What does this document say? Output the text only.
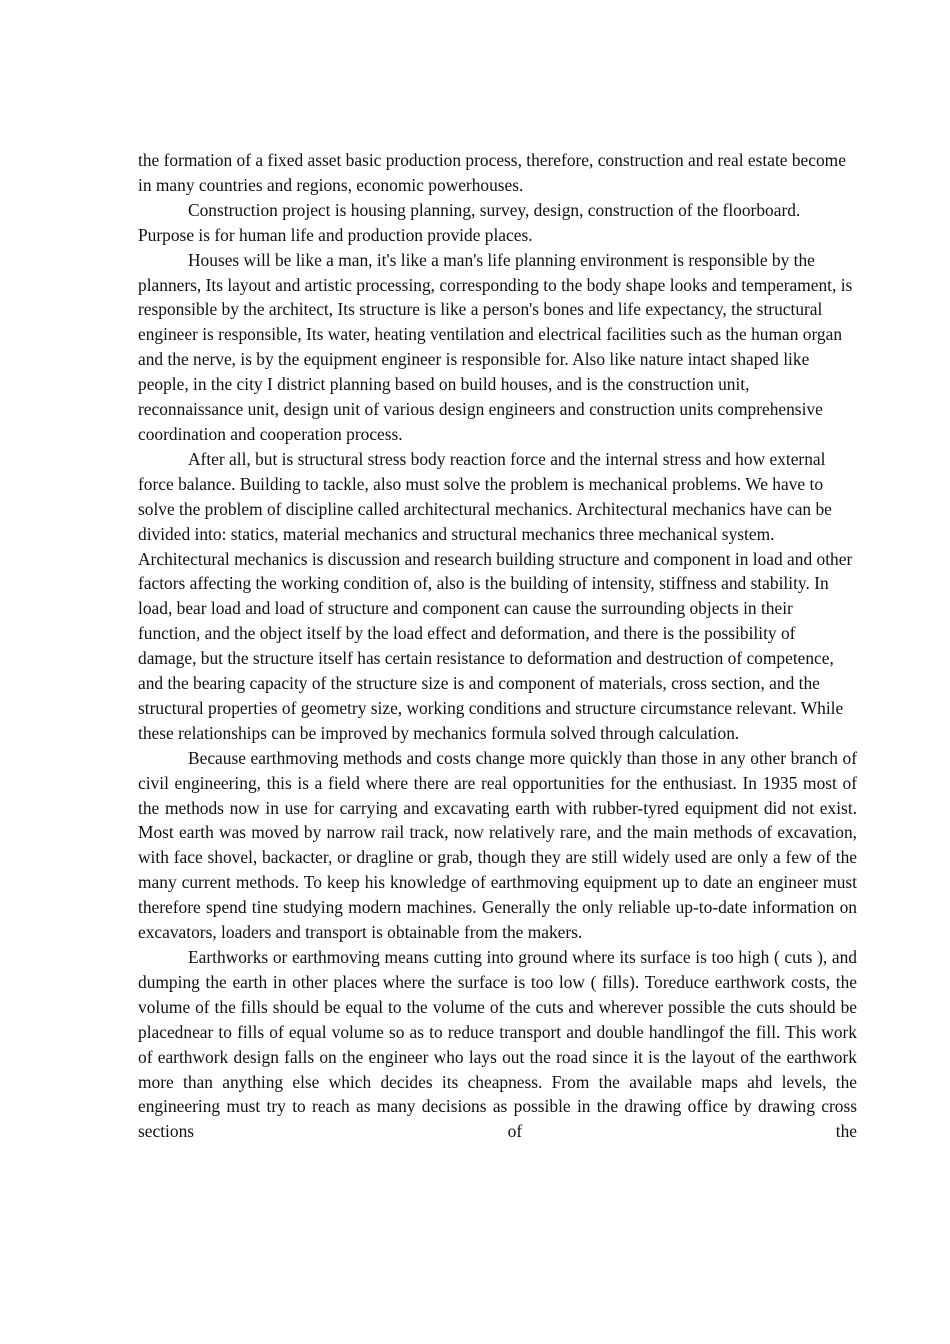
the formation of a fixed asset basic production process, therefore, construction and real estate become in many countries and regions, economic powerhouses.

Construction project is housing planning, survey, design, construction of the floorboard. Purpose is for human life and production provide places.

Houses will be like a man, it's like a man's life planning environment is responsible by the planners, Its layout and artistic processing, corresponding to the body shape looks and temperament, is responsible by the architect, Its structure is like a person's bones and life expectancy, the structural engineer is responsible, Its water, heating ventilation and electrical facilities such as the human organ and the nerve, is by the equipment engineer is responsible for. Also like nature intact shaped like people, in the city I district planning based on build houses, and is the construction unit, reconnaissance unit, design unit of various design engineers and construction units comprehensive coordination and cooperation process.

After all, but is structural stress body reaction force and the internal stress and how external force balance. Building to tackle, also must solve the problem is mechanical problems. We have to solve the problem of discipline called architectural mechanics. Architectural mechanics have can be divided into: statics, material mechanics and structural mechanics three mechanical system. Architectural mechanics is discussion and research building structure and component in load and other factors affecting the working condition of, also is the building of intensity, stiffness and stability. In load, bear load and load of structure and component can cause the surrounding objects in their function, and the object itself by the load effect and deformation, and there is the possibility of damage, but the structure itself has certain resistance to deformation and destruction of competence, and the bearing capacity of the structure size is and component of materials, cross section, and the structural properties of geometry size, working conditions and structure circumstance relevant. While these relationships can be improved by mechanics formula solved through calculation.

Because earthmoving methods and costs change more quickly than those in any other branch of civil engineering, this is a field where there are real opportunities for the enthusiast. In 1935 most of the methods now in use for carrying and excavating earth with rubber-tyred equipment did not exist. Most earth was moved by narrow rail track, now relatively rare, and the main methods of excavation, with face shovel, backacter, or dragline or grab, though they are still widely used are only a few of the many current methods. To keep his knowledge of earthmoving equipment up to date an engineer must therefore spend tine studying modern machines. Generally the only reliable up-to-date information on excavators, loaders and transport is obtainable from the makers.

Earthworks or earthmoving means cutting into ground where its surface is too high ( cuts ), and dumping the earth in other places where the surface is too low ( fills). Toreduce earthwork costs, the volume of the fills should be equal to the volume of the cuts and wherever possible the cuts should be placednear to fills of equal volume so as to reduce transport and double handlingof the fill. This work of earthwork design falls on the engineer who lays out the road since it is the layout of the earthwork more than anything else which decides its cheapness. From the available maps ahd levels, the engineering must try to reach as many decisions as possible in the drawing office by drawing cross sections of the
